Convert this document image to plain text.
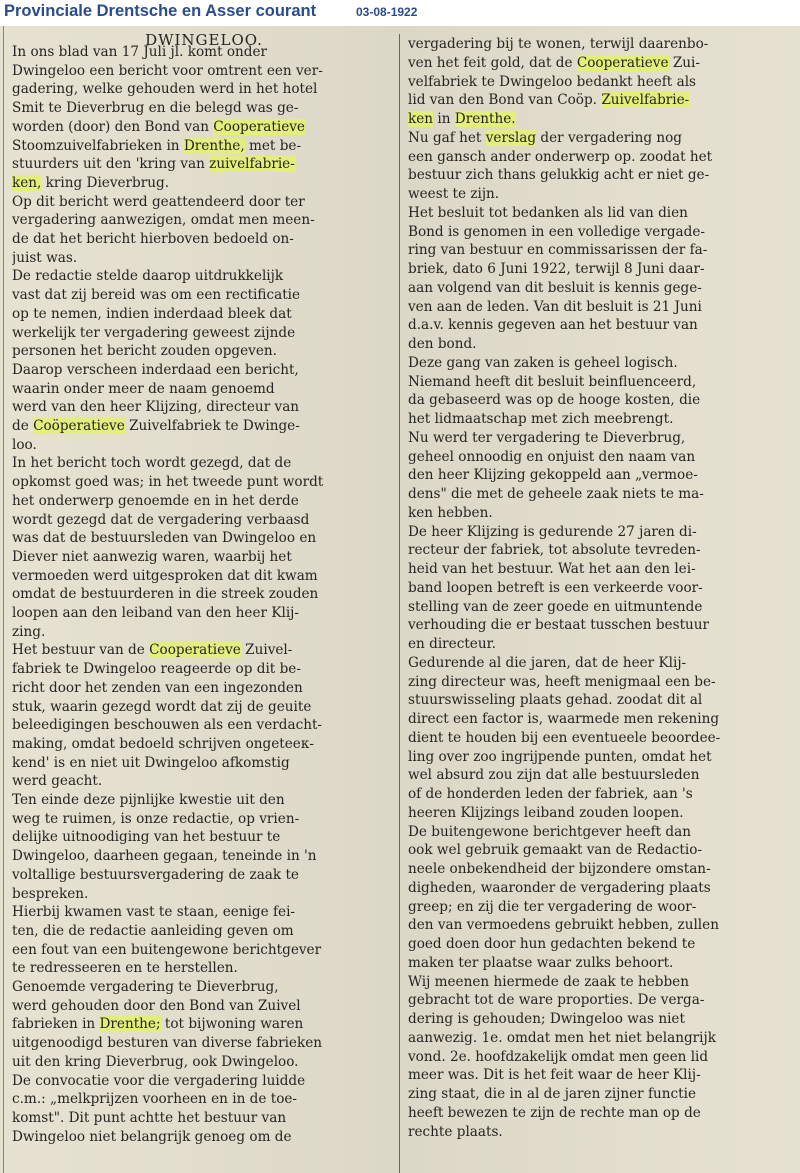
Provinciale Drentsche en Asser courant	03-08-1922
DWINGELOO.
In ons blad van 17 Juli jl. komt onder
Dwingeloo een bericht voor omtrent een ver-
gadering, welke gehouden werd in het hotel
Smit te Dieverbrug en die belegd was ge-
worden (door) den Bond van Cooperatieve
Stoomzuivelfabrieken in Drenthe, met be-
stuurders uit den 'kring van zuivelfabrie-
ken, kring Dieverbrug.
Op dit bericht werd geattendeerd door ter
vergadering aanwezigen, omdat men meen-
de dat het bericht hierboven bedoeld on-
juist was.
De redactie stelde daarop uitdrukkelijk
vast dat zij bereid was om een rectificatie
op te nemen, indien inderdaad bleek dat
werkelijk ter vergadering geweest zijnde
personen het bericht zouden opgeven.
Daarop verscheen inderdaad een bericht,
waarin onder meer de naam genoemd
werd van den heer Klijzing, directeur van
de Coöperatieve Zuivelfabriek te Dwinge-
loo.
In het bericht toch wordt gezegd, dat de
opkomst goed was; in het tweede punt wordt
het onderwerp genoemde en in het derde
wordt gezegd dat de vergadering verbaasd
was dat de bestuursleden van Dwingeloo en
Diever niet aanwezig waren, waarbij het
vermoeden werd uitgesproken dat dit kwam
omdat de bestuurderen in die streek zouden
loopen aan den leiband van den heer Klij-
zing.
Het bestuur van de Cooperatieve Zuivel-
fabriek te Dwingeloo reageerde op dit be-
richt door het zenden van een ingezonden
stuk, waarin gezegd wordt dat zij de geuite
beleedigingen beschouwen als een verdacht-
making, omdat bedoeld schrijven ongeteeк-
kend' is en niet uit Dwingeloo afkomstig
werd geacht.
Ten einde deze pijnlijke kwestie uit den
weg te ruimen, is onze redactie, op vrien-
delijke uitnoodiging van het bestuur te
Dwingeloo, daarheen gegaan, teneinde in 'n
voltallige bestuursvergadering de zaak te
bespreken.
Hierbij kwamen vast te staan, eenige fei-
ten, die de redactie aanleiding geven om
een fout van een buitengewone berichtgever
te redresseeren en te herstellen.
Genoemde vergadering te Dieverbrug,
werd gehouden door den Bond van Zuivel
fabrieken in Drenthe; tot bijwoning waren
uitgenoodigd besturen van diverse fabrieken
uit den kring Dieverbrug, ook Dwingeloo.
De convocatie voor die vergadering luidde
c.m.: „melkprijzen voorheen en in de toe-
komst". Dit punt achtte het bestuur van
Dwingeloo niet belangrijk genoeg om de
vergadering bij te wonen, terwijl daarenbo-
ven het feit gold, dat de Cooperatieve Zui-
velfabriek te Dwingeloo bedankt heeft als
lid van den Bond van Coöp. Zuivelfabrie-
ken in Drenthe.
Nu gaf het verslag der vergadering nog
een gansch ander onderwerp op. zoodat het
bestuur zich thans gelukkig acht er niet ge-
weest te zijn.
Het besluit tot bedanken als lid van dien
Bond is genomen in een volledige vergade-
ring van bestuur en commissarissen der fa-
briek, dato 6 Juni 1922, terwijl 8 Juni daar-
aan volgend van dit besluit is kennis gege-
ven aan de leden. Van dit besluit is 21 Juni
d.a.v. kennis gegeven aan het bestuur van
den bond.
Deze gang van zaken is geheel logisch.
Niemand heeft dit besluit beinfluenceerd,
da gebaseerd was op de hooge kosten, die
het lidmaatschap met zich meebrengt.
Nu werd ter vergadering te Dieverbrug,
geheel onnoodig en onjuist den naam van
den heer Klijzing gekoppeld aan „vermoe-
dens" die met de geheele zaak niets te ma-
ken hebben.
De heer Klijzing is gedurende 27 jaren di-
recteur der fabriek, tot absolute tevreden-
heid van het bestuur. Wat het aan den lei-
band loopen betreft is een verkeerde voor-
stelling van de zeer goede en uitmuntende
verhouding die er bestaat tusschen bestuur
en directeur.
Gedurende al die jaren, dat de heer Klij-
zing directeur was, heeft menigmaal een be-
stuurswisseling plaats gehad. zoodat dit al
direct een factor is, waarmede men rekening
dient te houden bij een eventueele beoordee-
ling over zoo ingrijpende punten, omdat het
wel absurd zou zijn dat alle bestuursleden
of de honderden leden der fabriek, aan 's
heeren Klijzings leiband zouden loopen.
De buitengewone berichtgever heeft dan
ook wel gebruik gemaakt van de Redactio-
neele onbekendheid der bijzondere omstan-
digheden, waaronder de vergadering plaats
greep; en zij die ter vergadering de woor-
den van vermoedens gebruikt hebben, zullen
goed doen door hun gedachten bekend te
maken ter plaatse waar zulks behoort.
Wij meenen hiermede de zaak te hebben
gebracht tot de ware proporties. De verga-
dering is gehouden; Dwingeloo was niet
aanwezig. 1e. omdat men het niet belangrijk
vond. 2e. hoofdzakelijk omdat men geen lid
meer was. Dit is het feit waar de heer Klij-
zing staat, die in al de jaren zijner functie
heeft bewezen te zijn de rechte man op de
rechte plaats.
